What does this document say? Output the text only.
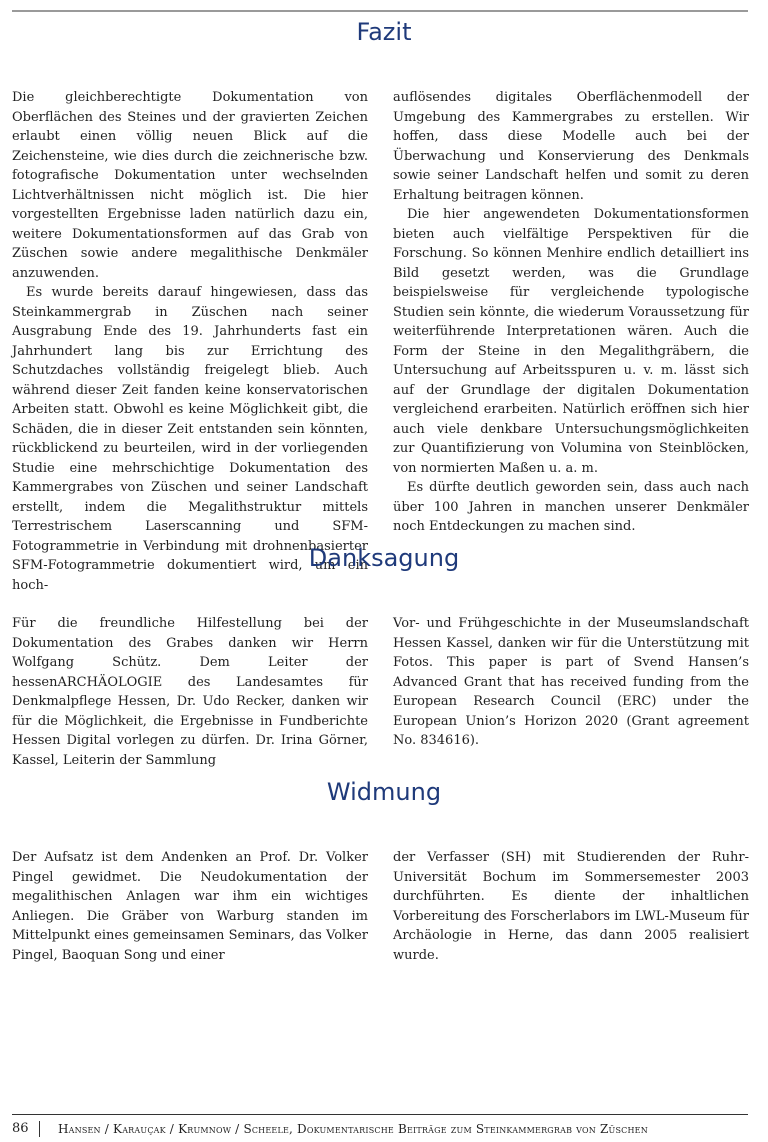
Fazit

Die gleichberechtigte Dokumentation von Oberflächen des Steines und der gravierten Zeichen erlaubt einen völlig neuen Blick auf die Zeichensteine, wie dies durch die zeichnerische bzw. fotografische Dokumentation unter wechselnden Lichtverhältnissen nicht möglich ist. Die hier vorgestellten Ergebnisse laden natürlich dazu ein, weitere Dokumentationsformen auf das Grab von Züschen sowie andere megalithische Denkmäler anzuwenden.

Es wurde bereits darauf hingewiesen, dass das Steinkammergrab in Züschen nach seiner Ausgrabung Ende des 19. Jahrhunderts fast ein Jahrhundert lang bis zur Errichtung des Schutzdaches vollständig freigelegt blieb. Auch während dieser Zeit fanden keine konservatorischen Arbeiten statt. Obwohl es keine Möglichkeit gibt, die Schäden, die in dieser Zeit entstanden sein könnten, rückblickend zu beurteilen, wird in der vorliegenden Studie eine mehrschichtige Dokumentation des Kammergrabes von Züschen und seiner Landschaft erstellt, indem die Megalithstruktur mittels Terrestrischem Laserscanning und SFM-Fotogrammetrie in Verbindung mit drohnenbasierter SFM-Fotogrammetrie dokumentiert wird, um ein hoch-

auflösendes digitales Oberflächenmodell der Umgebung des Kammergrabes zu erstellen. Wir hoffen, dass diese Modelle auch bei der Überwachung und Konservierung des Denkmals sowie seiner Landschaft helfen und somit zu deren Erhaltung beitragen können.

Die hier angewendeten Dokumentationsformen bieten auch vielfältige Perspektiven für die Forschung. So können Menhire endlich detailliert ins Bild gesetzt werden, was die Grundlage beispielsweise für vergleichende typologische Studien sein könnte, die wiederum Voraussetzung für weiterführende Interpretationen wären. Auch die Form der Steine in den Megalithgräbern, die Untersuchung auf Arbeitsspuren u. v. m. lässt sich auf der Grundlage der digitalen Dokumentation vergleichend erarbeiten. Natürlich eröffnen sich hier auch viele denkbare Untersuchungsmöglichkeiten zur Quantifizierung von Volumina von Steinblöcken, von normierten Maßen u. a. m.

Es dürfte deutlich geworden sein, dass auch nach über 100 Jahren in manchen unserer Denkmäler noch Entdeckungen zu machen sind.

Danksagung

Für die freundliche Hilfestellung bei der Dokumentation des Grabes danken wir Herrn Wolfgang Schütz. Dem Leiter der hessenARCHÄOLOGIE des Landesamtes für Denkmalpflege Hessen, Dr. Udo Recker, danken wir für die Möglichkeit, die Ergebnisse in Fundberichte Hessen Digital vorlegen zu dürfen. Dr. Irina Görner, Kassel, Leiterin der Sammlung

Vor- und Frühgeschichte in der Museumslandschaft Hessen Kassel, danken wir für die Unterstützung mit Fotos. This paper is part of Svend Hansen’s Advanced Grant that has received funding from the European Research Council (ERC) under the European Union’s Horizon 2020 (Grant agreement No. 834616).

Widmung

Der Aufsatz ist dem Andenken an Prof. Dr. Volker Pingel gewidmet. Die Neudokumentation der megalithischen Anlagen war ihm ein wichtiges Anliegen. Die Gräber von Warburg standen im Mittelpunkt eines gemeinsamen Seminars, das Volker Pingel, Baoquan Song und einer

der Verfasser (SH) mit Studierenden der Ruhr-Universität Bochum im Sommersemester 2003 durchführten. Es diente der inhaltlichen Vorbereitung des Forscherlabors im LWL-Museum für Archäologie in Herne, das dann 2005 realisiert wurde.

86	Hansen / Karauçak / Krumnow / Scheele, Dokumentarische Beiträge zum Steinkammergrab von Züschen
